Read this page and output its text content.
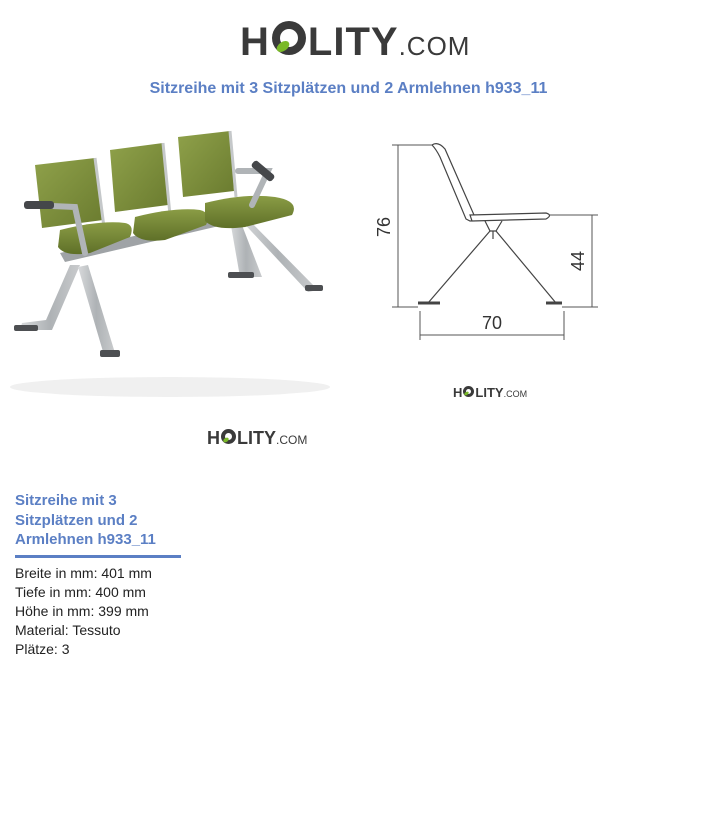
H LITY .COM
Sitzreihe mit 3 Sitzplätzen und 2 Armlehnen h933_11
H LITY .COM
76
44
70
H LITY .COM
Sitzreihe mit 3 Sitzplätzen und 2 Armlehnen h933_11
Breite in mm: 401 mm
Tiefe in mm: 400 mm
Höhe in mm: 399 mm
Material: Tessuto
Plätze: 3
